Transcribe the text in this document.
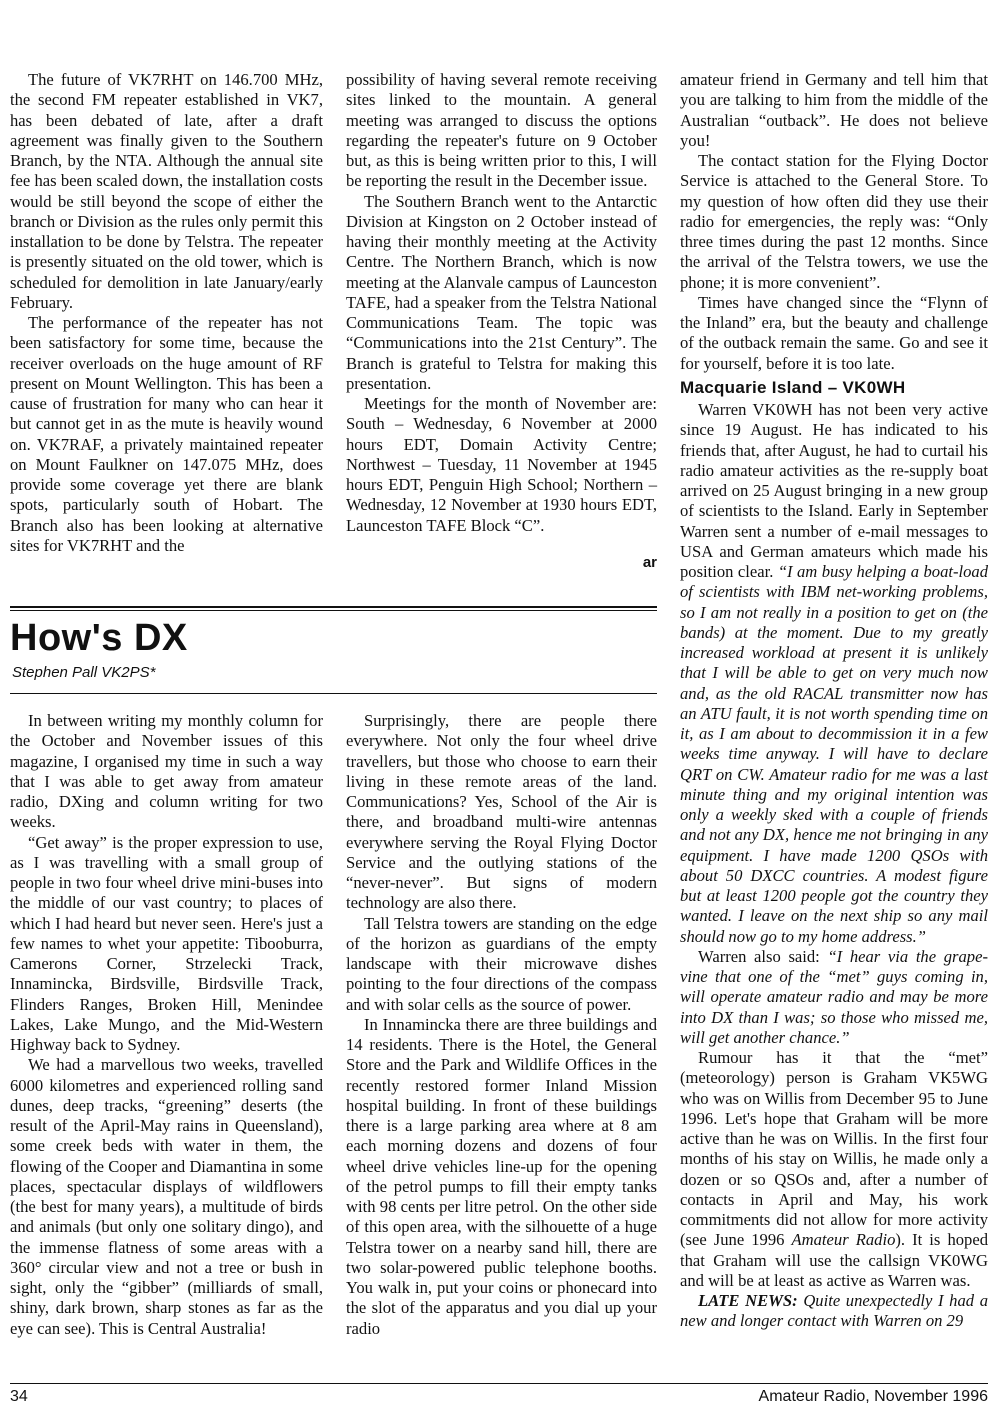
The future of VK7RHT on 146.700 MHz, the second FM repeater established in VK7, has been debated of late, after a draft agreement was finally given to the Southern Branch, by the NTA. Although the annual site fee has been scaled down, the installation costs would be still beyond the scope of either the branch or Division as the rules only permit this installation to be done by Telstra. The repeater is presently situated on the old tower, which is scheduled for demolition in late January/early February.

The performance of the repeater has not been satisfactory for some time, because the receiver overloads on the huge amount of RF present on Mount Wellington. This has been a cause of frustration for many who can hear it but cannot get in as the mute is heavily wound on. VK7RAF, a privately maintained repeater on Mount Faulkner on 147.075 MHz, does provide some coverage yet there are blank spots, particularly south of Hobart. The Branch also has been looking at alternative sites for VK7RHT and the

possibility of having several remote receiving sites linked to the mountain. A general meeting was arranged to discuss the options regarding the repeater's future on 9 October but, as this is being written prior to this, I will be reporting the result in the December issue.

The Southern Branch went to the Antarctic Division at Kingston on 2 October instead of having their monthly meeting at the Activity Centre. The Northern Branch, which is now meeting at the Alanvale campus of Launceston TAFE, had a speaker from the Telstra National Communications Team. The topic was “Communications into the 21st Century”. The Branch is grateful to Telstra for making this presentation.

Meetings for the month of November are: South – Wednesday, 6 November at 2000 hours EDT, Domain Activity Centre; Northwest – Tuesday, 11 November at 1945 hours EDT, Penguin High School; Northern – Wednesday, 12 November at 1930 hours EDT, Launceston TAFE Block “C”.

ar
How's DX
Stephen Pall VK2PS*

In between writing my monthly column for the October and November issues of this magazine, I organised my time in such a way that I was able to get away from amateur radio, DXing and column writing for two weeks.

“Get away” is the proper expression to use, as I was travelling with a small group of people in two four wheel drive mini-buses into the middle of our vast country; to places of which I had heard but never seen. Here's just a few names to whet your appetite: Tibooburra, Camerons Corner, Strzelecki Track, Innamincka, Birdsville, Birdsville Track, Flinders Ranges, Broken Hill, Menindee Lakes, Lake Mungo, and the Mid-Western Highway back to Sydney.

We had a marvellous two weeks, travelled 6000 kilometres and experienced rolling sand dunes, deep tracks, “greening” deserts (the result of the April-May rains in Queensland), some creek beds with water in them, the flowing of the Cooper and Diamantina in some places, spectacular displays of wildflowers (the best for many years), a multitude of birds and animals (but only one solitary dingo), and the immense flatness of some areas with a 360° circular view and not a tree or bush in sight, only the “gibber” (milliards of small, shiny, dark brown, sharp stones as far as the eye can see). This is Central Australia!

Surprisingly, there are people there everywhere. Not only the four wheel drive travellers, but those who choose to earn their living in these remote areas of the land. Communications? Yes, School of the Air is there, and broadband multi-wire antennas everywhere serving the Royal Flying Doctor Service and the outlying stations of the “never-never”. But signs of modern technology are also there.

Tall Telstra towers are standing on the edge of the horizon as guardians of the empty landscape with their microwave dishes pointing to the four directions of the compass and with solar cells as the source of power.

In Innamincka there are three buildings and 14 residents. There is the Hotel, the General Store and the Park and Wildlife Offices in the recently restored former Inland Mission hospital building. In front of these buildings there is a large parking area where at 8 am each morning dozens and dozens of four wheel drive vehicles line-up for the opening of the petrol pumps to fill their empty tanks with 98 cents per litre petrol. On the other side of this open area, with the silhouette of a huge Telstra tower on a nearby sand hill, there are two solar-powered public telephone booths. You walk in, put your coins or phonecard into the slot of the apparatus and you dial up your radio

amateur friend in Germany and tell him that you are talking to him from the middle of the Australian “outback”. He does not believe you!

The contact station for the Flying Doctor Service is attached to the General Store. To my question of how often did they use their radio for emergencies, the reply was: “Only three times during the past 12 months. Since the arrival of the Telstra towers, we use the phone; it is more convenient”.

Times have changed since the “Flynn of the Inland” era, but the beauty and challenge of the outback remain the same. Go and see it for yourself, before it is too late.

Macquarie Island – VK0WH

Warren VK0WH has not been very active since 19 August. He has indicated to his friends that, after August, he had to curtail his radio amateur activities as the re-supply boat arrived on 25 August bringing in a new group of scientists to the Island. Early in September Warren sent a number of e-mail messages to USA and German amateurs which made his position clear. “I am busy helping a boat-load of scientists with IBM net-working problems, so I am not really in a position to get on (the bands) at the moment. Due to my greatly increased workload at present it is unlikely that I will be able to get on very much now and, as the old RACAL transmitter now has an ATU fault, it is not worth spending time on it, as I am about to decommission it in a few weeks time anyway. I will have to declare QRT on CW. Amateur radio for me was a last minute thing and my original intention was only a weekly sked with a couple of friends and not any DX, hence me not bringing in any equipment. I have made 1200 QSOs with about 50 DXCC countries. A modest figure but at least 1200 people got the country they wanted. I leave on the next ship so any mail should now go to my home address.”

Warren also said: “I hear via the grape-vine that one of the “met” guys coming in, will operate amateur radio and may be more into DX than I was; so those who missed me, will get another chance.”

Rumour has it that the “met” (meteorology) person is Graham VK5WG who was on Willis from December 95 to June 1996. Let's hope that Graham will be more active than he was on Willis. In the first four months of his stay on Willis, he made only a dozen or so QSOs and, after a number of contacts in April and May, his work commitments did not allow for more activity (see June 1996 Amateur Radio). It is hoped that Graham will use the callsign VK0WG and will be at least as active as Warren was.

LATE NEWS: Quite unexpectedly I had a new and longer contact with Warren on 29

34	Amateur Radio, November 1996
